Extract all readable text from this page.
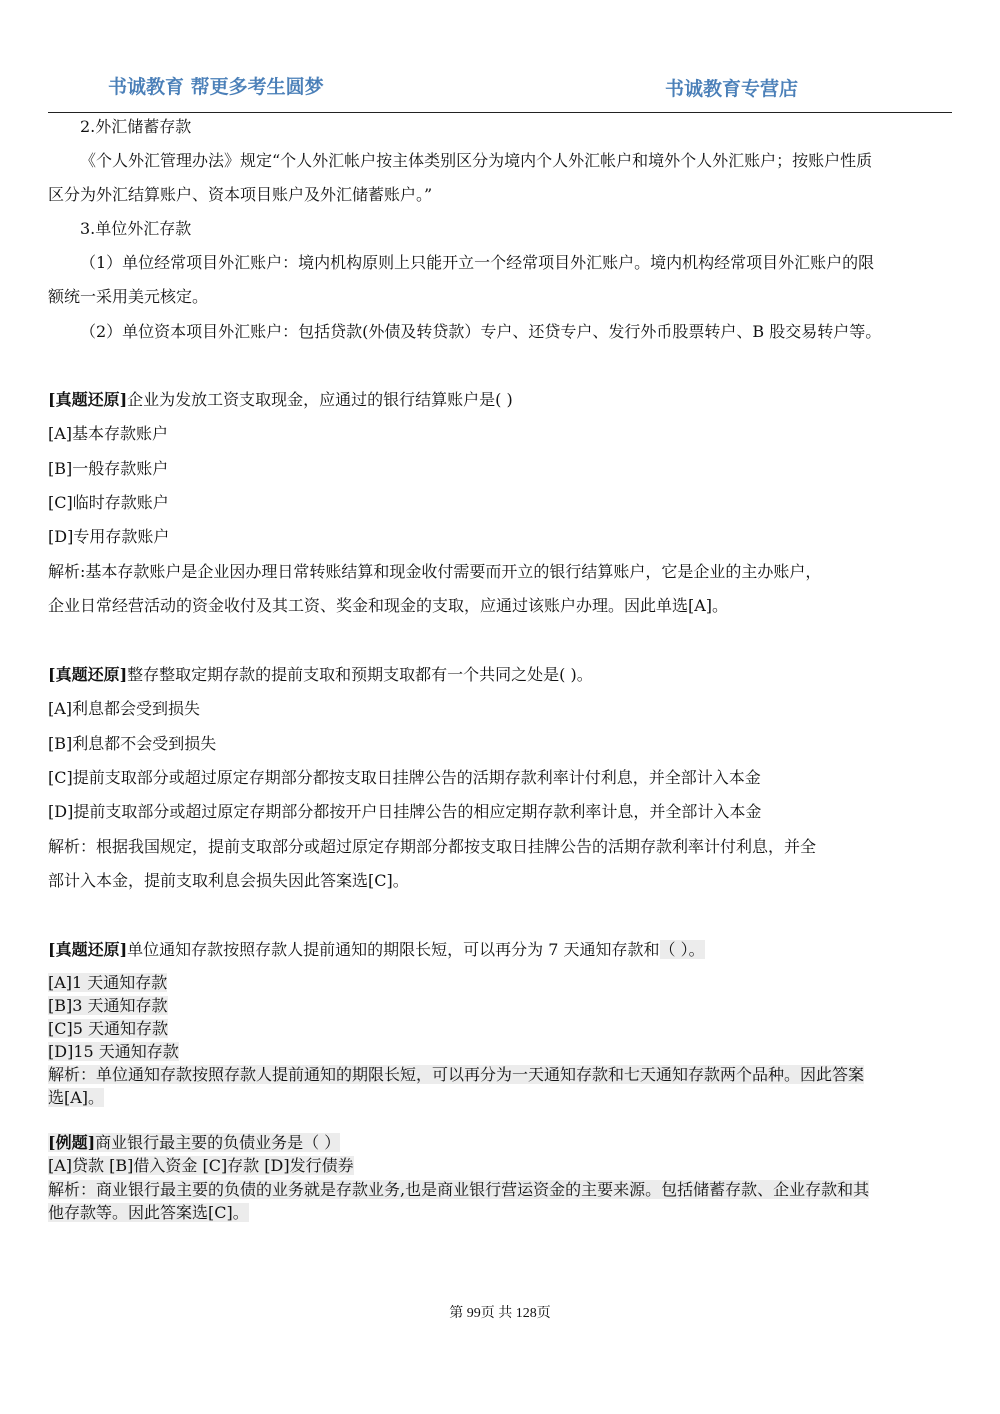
书诚教育 帮更多考生圆梦	书诚教育专营店
2.外汇储蓄存款
《个人外汇管理办法》规定“个人外汇帐户按主体类别区分为境内个人外汇帐户和境外个人外汇账户；按账户性质
区分为外汇结算账户、资本项目账户及外汇储蓄账户。”
3.单位外汇存款
（1）单位经常项目外汇账户：境内机构原则上只能开立一个经常项目外汇账户。境内机构经常项目外汇账户的限
额统一采用美元核定。
（2）单位资本项目外汇账户：包括贷款(外债及转贷款）专户、还贷专户、发行外币股票转户、B 股交易转户等。
[真题还原]企业为发放工资支取现金，应通过的银行结算账户是( )
[A]基本存款账户
[B]一般存款账户
[C]临时存款账户
[D]专用存款账户
解析:基本存款账户是企业因办理日常转账结算和现金收付需要而开立的银行结算账户，它是企业的主办账户，
企业日常经营活动的资金收付及其工资、奖金和现金的支取，应通过该账户办理。因此单选[A]。
[真题还原]整存整取定期存款的提前支取和预期支取都有一个共同之处是( )。
[A]利息都会受到损失
[B]利息都不会受到损失
[C]提前支取部分或超过原定存期部分都按支取日挂牌公告的活期存款利率计付利息，并全部计入本金
[D]提前支取部分或超过原定存期部分都按开户日挂牌公告的相应定期存款利率计息，并全部计入本金
解析：根据我国规定，提前支取部分或超过原定存期部分都按支取日挂牌公告的活期存款利率计付利息，并全
部计入本金，提前支取利息会损失因此答案选[C]。
[真题还原]单位通知存款按照存款人提前通知的期限长短，可以再分为 7 天通知存款和（ ）。
[A]1 天通知存款
[B]3 天通知存款
[C]5 天通知存款
[D]15 天通知存款
解析：单位通知存款按照存款人提前通知的期限长短，可以再分为一天通知存款和七天通知存款两个品种。因此答案
选[A]。
[例题]商业银行最主要的负债业务是（ ）
[A]贷款 [B]借入资金 [C]存款 [D]发行债券
解析：商业银行最主要的负债的业务就是存款业务,也是商业银行营运资金的主要来源。包括储蓄存款、企业存款和其
他存款等。因此答案选[C]。
第 99页 共 128页
